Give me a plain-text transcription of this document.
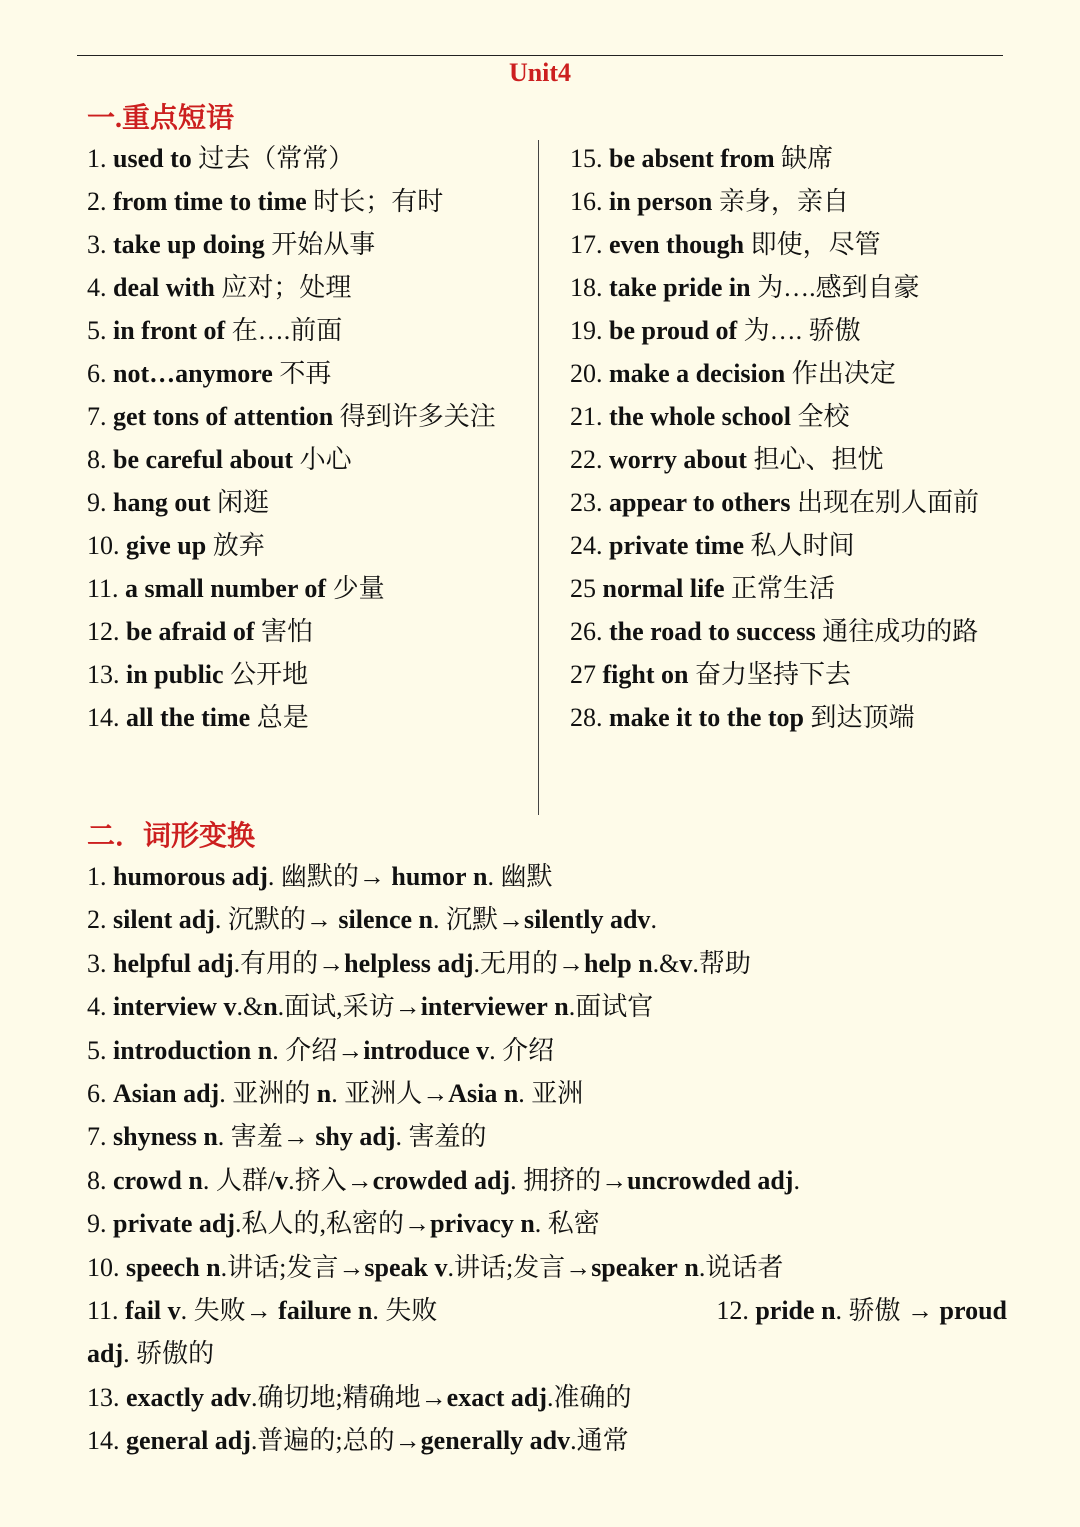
Unit4
一.重点短语
1. used to 过去（常常）
2. from time to time 时长；有时
3. take up doing 开始从事
4. deal with 应对；处理
5. in front of 在….前面
6. not…anymore 不再
7. get tons of attention 得到许多关注
8. be careful about 小心
9. hang out 闲逛
10. give up 放弃
11. a small number of 少量
12. be afraid of 害怕
13. in public 公开地
14. all the time 总是
15. be absent from 缺席
16. in person 亲身，亲自
17. even though 即使，尽管
18. take pride in 为….感到自豪
19. be proud of 为…. 骄傲
20. make a decision 作出决定
21. the whole school 全校
22. worry about 担心、担忧
23. appear to others 出现在别人面前
24. private time 私人时间
25 normal life 正常生活
26. the road to success 通往成功的路
27 fight on 奋力坚持下去
28. make it to the top 到达顶端
二．词形变换
1. humorous adj. 幽默的→ humor n. 幽默
2. silent adj. 沉默的→ silence n. 沉默→silently adv.
3. helpful adj.有用的→helpless adj.无用的→help n.&v.帮助
4. interview v.&n.面试,采访→interviewer n.面试官
5. introduction n. 介绍→introduce v. 介绍
6. Asian adj. 亚洲的 n. 亚洲人→Asia n. 亚洲
7. shyness n. 害羞→ shy adj. 害羞的
8. crowd n. 人群/v.挤入→crowded adj. 拥挤的→uncrowded adj.
9. private adj.私人的,私密的→privacy n. 私密
10. speech n.讲话;发言→speak v.讲话;发言→speaker n.说话者
11. fail v. 失败→ failure n. 失败	12. pride n. 骄傲 → proud
adj. 骄傲的
13. exactly adv.确切地;精确地→exact adj.准确的
14. general adj.普遍的;总的→generally adv.通常
